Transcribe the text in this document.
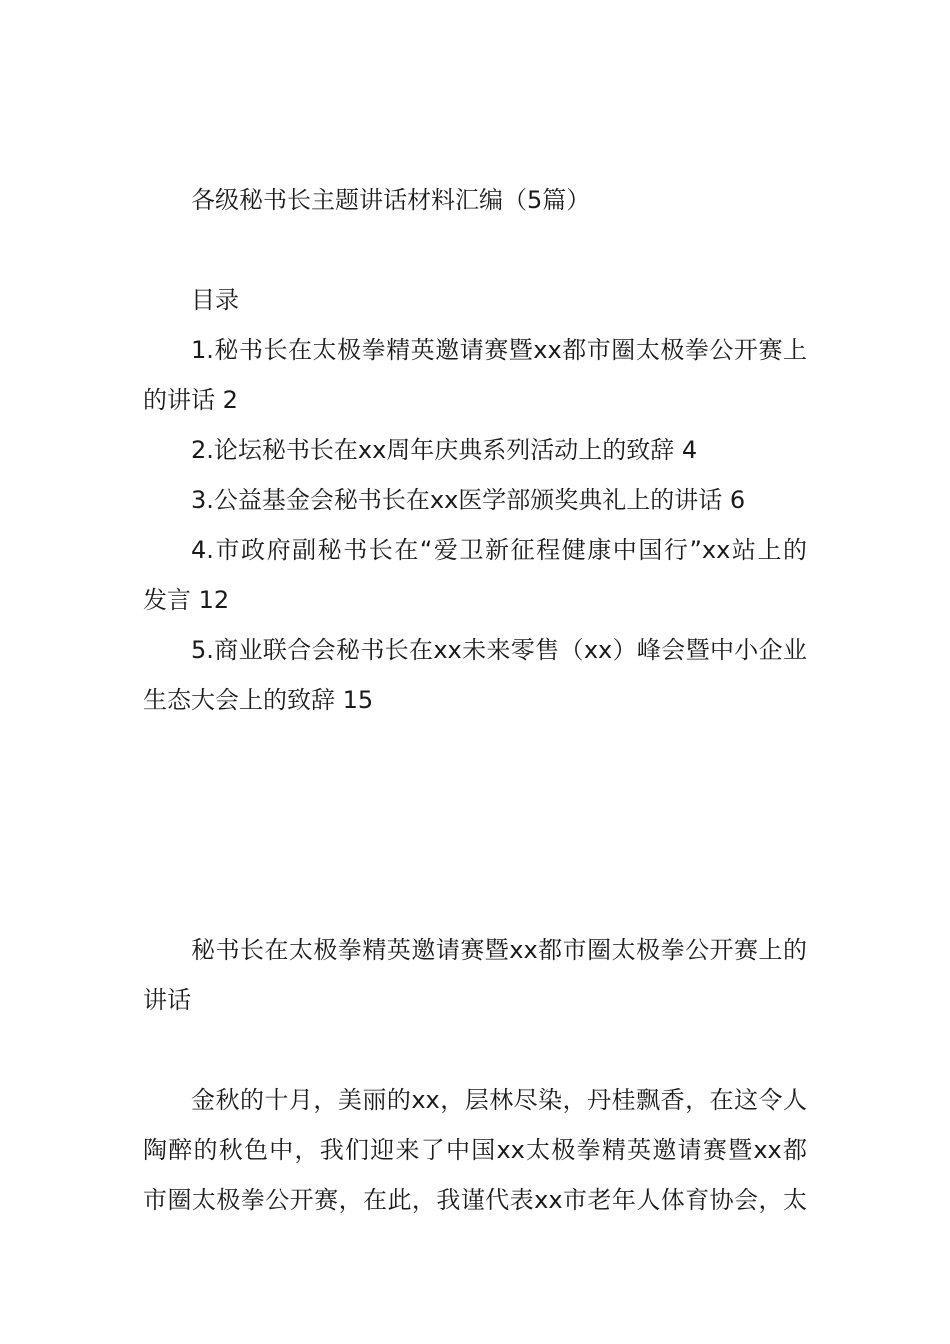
各级秘书长主题讲话材料汇编（5篇）
目录
1.秘书长在太极拳精英邀请赛暨xx都市圈太极拳公开赛上
的讲话 2
2.论坛秘书长在xx周年庆典系列活动上的致辞 4
3.公益基金会秘书长在xx医学部颁奖典礼上的讲话 6
4.市政府副秘书长在“爱卫新征程健康中国行”xx站上的
发言 12
5.商业联合会秘书长在xx未来零售（xx）峰会暨中小企业
生态大会上的致辞 15
秘书长在太极拳精英邀请赛暨xx都市圈太极拳公开赛上的
讲话
金秋的十月，美丽的xx，层林尽染，丹桂飘香，在这令人
陶醉的秋色中，我们迎来了中国xx太极拳精英邀请赛暨xx都
市圈太极拳公开赛，在此，我谨代表xx市老年人体育协会，太
